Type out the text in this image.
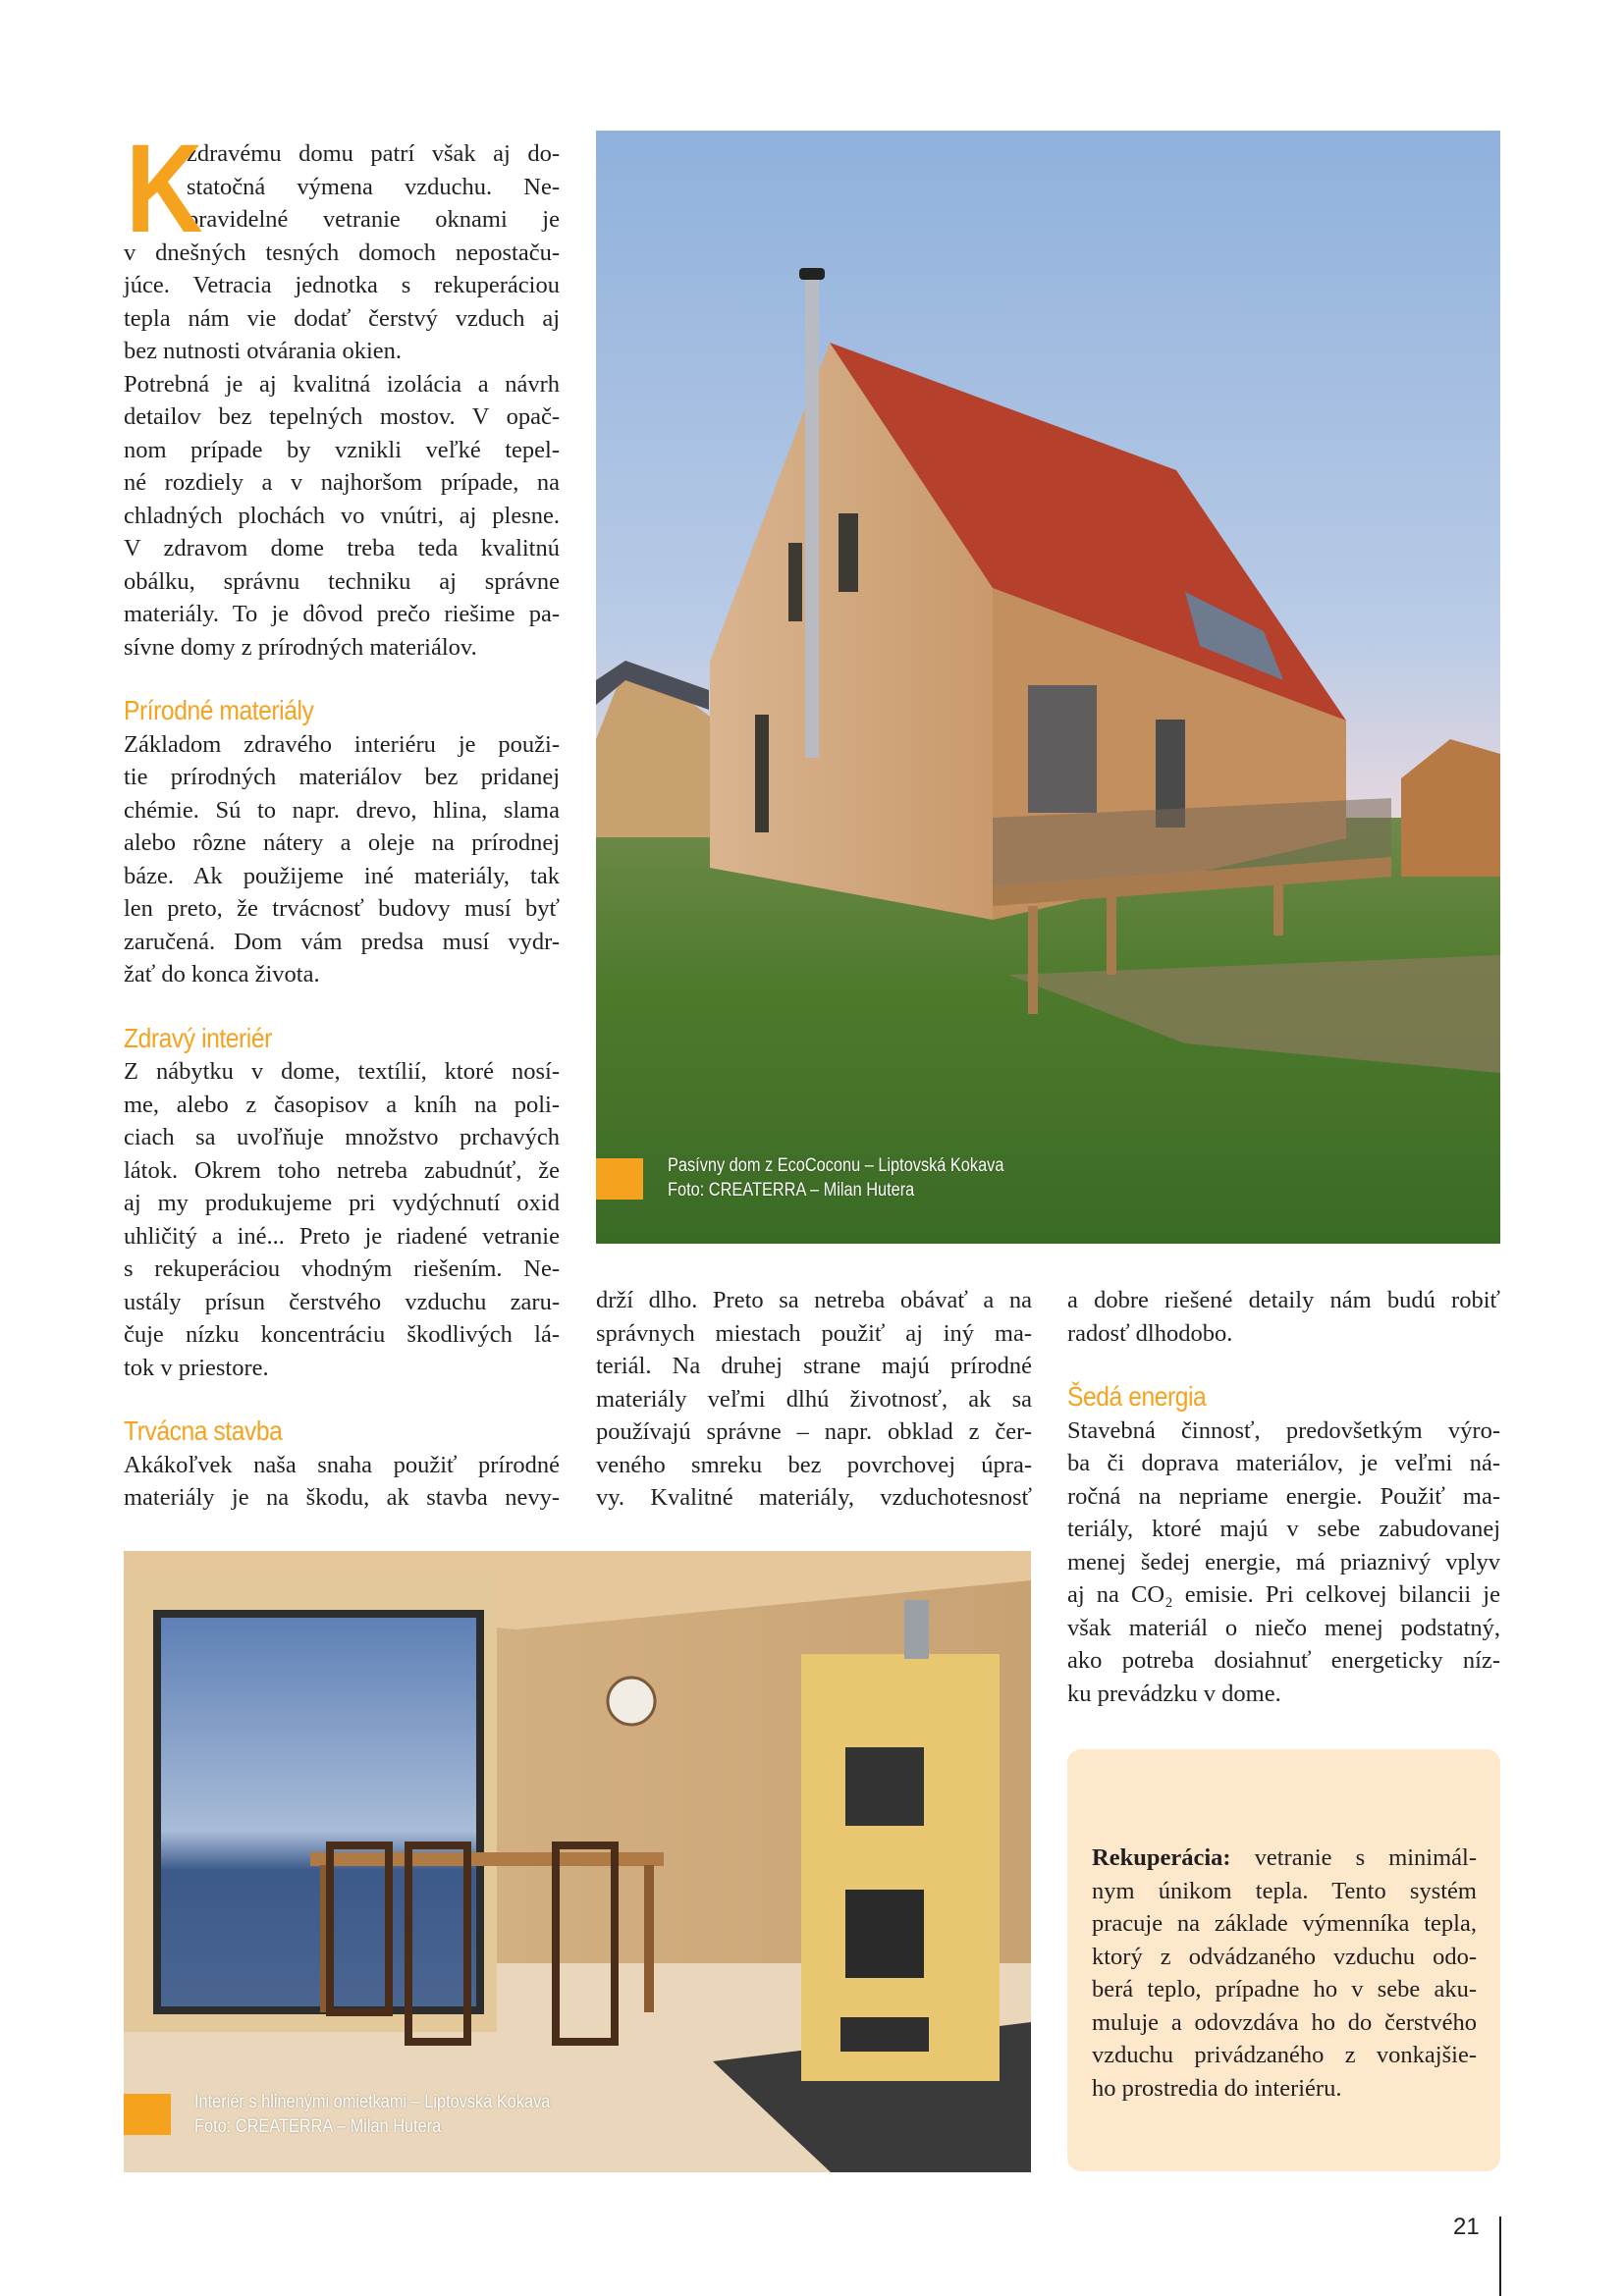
K
zdravému domu patrí však aj do-
statočná výmena vzduchu. Ne-
pravidelné vetranie oknami je
v dnešných tesných domoch nepostaču-
júce. Vetracia jednotka s rekuperáciou
tepla nám vie dodať čerstvý vzduch aj
bez nutnosti otvárania okien.
Potrebná je aj kvalitná izolácia a návrh
detailov bez tepelných mostov. V opač-
nom prípade by vznikli veľké tepel-
né rozdiely a v najhoršom prípade, na
chladných plochách vo vnútri, aj plesne.
V zdravom dome treba teda kvalitnú
obálku, správnu techniku aj správne
materiály. To je dôvod prečo riešime pa-
sívne domy z prírodných materiálov.
Prírodné materiály
Základom zdravého interiéru je použi-
tie prírodných materiálov bez pridanej
chémie. Sú to napr. drevo, hlina, slama
alebo rôzne nátery a oleje na prírodnej
báze. Ak použijeme iné materiály, tak
len preto, že trvácnosť budovy musí byť
zaručená. Dom vám predsa musí vydr-
žať do konca života.
Zdravý interiér
Z nábytku v dome, textílií, ktoré nosí-
me, alebo z časopisov a kníh na poli-
ciach sa uvoľňuje množstvo prchavých
látok. Okrem toho netreba zabudnúť, že
aj my produkujeme pri vydýchnutí oxid
uhličitý a iné... Preto je riadené vetranie
s rekuperáciou vhodným riešením. Ne-
ustály prísun čerstvého vzduchu zaru-
čuje nízku koncentráciu škodlivých lá-
tok v priestore.
Trvácna stavba
Akákoľvek naša snaha použiť prírodné
materiály je na škodu, ak stavba nevy-
Pasívny dom z EcoCoconu – Liptovská Kokava
Foto: CREATERRA – Milan Hutera
drží dlho. Preto sa netreba obávať a na
správnych miestach použiť aj iný ma-
teriál. Na druhej strane majú prírodné
materiály veľmi dlhú životnosť, ak sa
používajú správne – napr. obklad z čer-
veného smreku bez povrchovej úpra-
vy. Kvalitné materiály, vzduchotesnosť
a dobre riešené detaily nám budú robiť
radosť dlhodobo.
Šedá energia
Stavebná činnosť, predovšetkým výro-
ba či doprava materiálov, je veľmi ná-
ročná na nepriame energie. Použiť ma-
teriály, ktoré majú v sebe zabudovanej
menej šedej energie, má priaznivý vplyv
aj na CO₂ emisie. Pri celkovej bilancii je
však materiál o niečo menej podstatný,
ako potreba dosiahnuť energeticky níz-
ku prevádzku v dome.
Interiér s hlinenými omietkami – Liptovská Kokava
Foto: CREATERRA – Milan Hutera
Rekuperácia: vetranie s minimál-
nym únikom tepla. Tento systém
pracuje na základe výmenníka tepla,
ktorý z odvádzaného vzduchu odo-
berá teplo, prípadne ho v sebe aku-
muluje a odovzdáva ho do čerstvého
vzduchu privádzaného z vonkajšie-
ho prostredia do interiéru.
21
